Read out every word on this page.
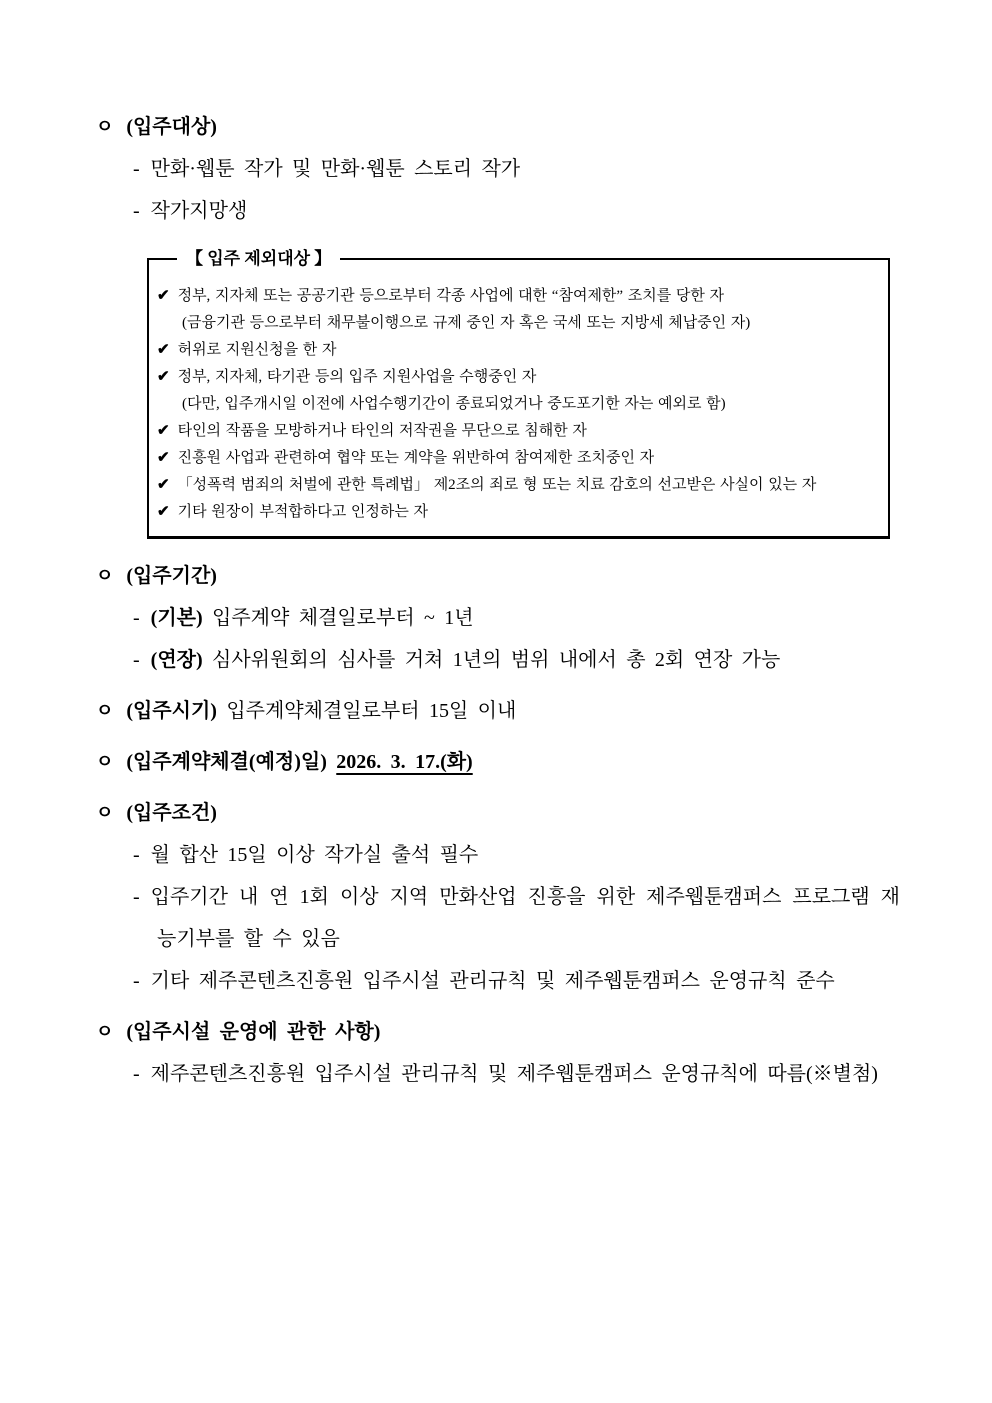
ㅇ (입주대상)
- 만화·웹툰 작가 및 만화·웹툰 스토리 작가
- 작가지망생
【 입주 제외대상 】
✔ 정부, 지자체 또는 공공기관 등으로부터 각종 사업에 대한 “참여제한” 조치를 당한 자
(금융기관 등으로부터 채무불이행으로 규제 중인 자 혹은 국세 또는 지방세 체납중인 자)
✔ 허위로 지원신청을 한 자
✔ 정부, 지자체, 타기관 등의 입주 지원사업을 수행중인 자
(다만, 입주개시일 이전에 사업수행기간이 종료되었거나 중도포기한 자는 예외로 함)
✔ 타인의 작품을 모방하거나 타인의 저작권을 무단으로 침해한 자
✔ 진흥원 사업과 관련하여 협약 또는 계약을 위반하여 참여제한 조치중인 자
✔ 「성폭력 범죄의 처벌에 관한 특례법」 제2조의 죄로 형 또는 치료 감호의 선고받은 사실이 있는 자
✔ 기타 원장이 부적합하다고 인정하는 자
ㅇ (입주기간)
- (기본) 입주계약 체결일로부터 ~ 1년
- (연장) 심사위원회의 심사를 거쳐 1년의 범위 내에서 총 2회 연장 가능
ㅇ (입주시기) 입주계약체결일로부터 15일 이내
ㅇ (입주계약체결(예정)일) 2026. 3. 17.(화)
ㅇ (입주조건)
- 월 합산 15일 이상 작가실 출석 필수
- 입주기간 내 연 1회 이상 지역 만화산업 진흥을 위한 제주웹툰캠퍼스 프로그램 재능기부를 할 수 있음
- 기타 제주콘텐츠진흥원 입주시설 관리규칙 및 제주웹툰캠퍼스 운영규칙 준수
ㅇ (입주시설 운영에 관한 사항)
- 제주콘텐츠진흥원 입주시설 관리규칙 및 제주웹툰캠퍼스 운영규칙에 따름(※별첨)
